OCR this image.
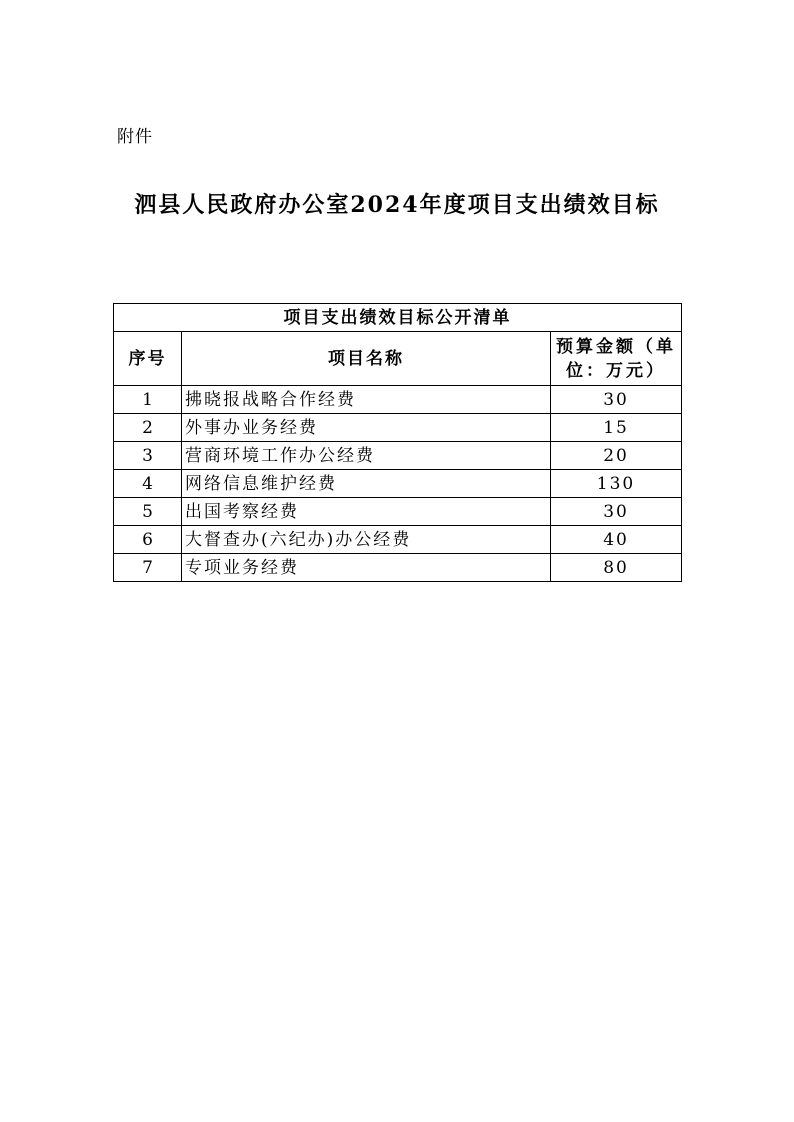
附件
泗县人民政府办公室2024年度项目支出绩效目标
项目支出绩效目标公开清单		
序号	项目名称	预算金额（单位：万元）
1	拂晓报战略合作经费	30
2	外事办业务经费	15
3	营商环境工作办公经费	20
4	网络信息维护经费	130
5	出国考察经费	30
6	大督查办(六纪办)办公经费	40
7	专项业务经费	80
